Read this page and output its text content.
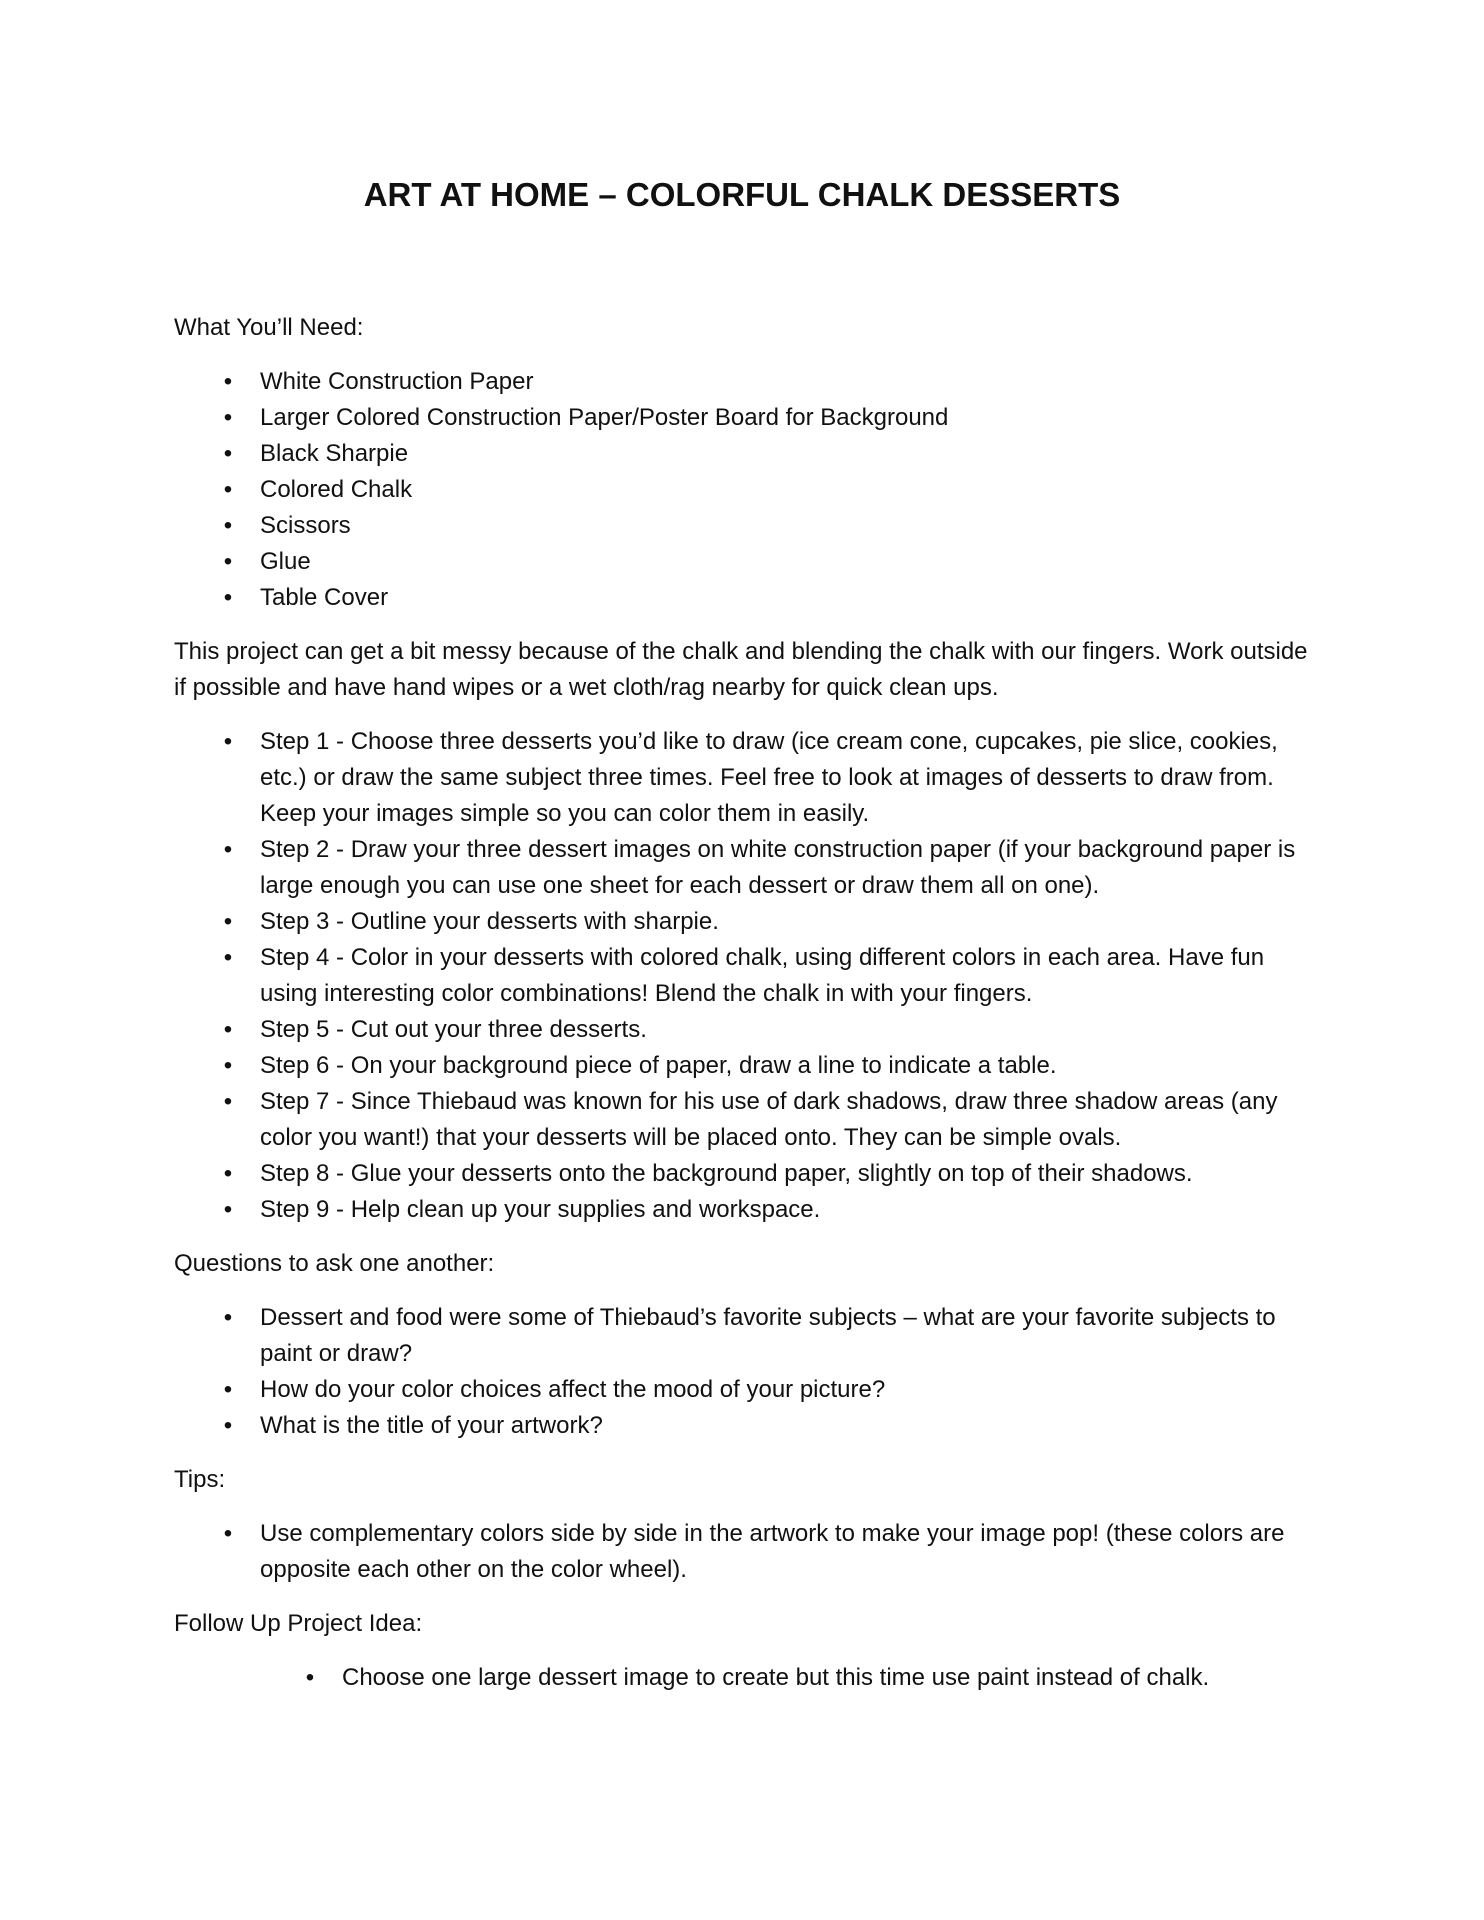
ART AT HOME – COLORFUL CHALK DESSERTS

What You’ll Need:

• White Construction Paper
• Larger Colored Construction Paper/Poster Board for Background
• Black Sharpie
• Colored Chalk
• Scissors
• Glue
• Table Cover

This project can get a bit messy because of the chalk and blending the chalk with our fingers. Work outside if possible and have hand wipes or a wet cloth/rag nearby for quick clean ups.

• Step 1 - Choose three desserts you’d like to draw (ice cream cone, cupcakes, pie slice, cookies, etc.) or draw the same subject three times. Feel free to look at images of desserts to draw from. Keep your images simple so you can color them in easily.
• Step 2 - Draw your three dessert images on white construction paper (if your background paper is large enough you can use one sheet for each dessert or draw them all on one).
• Step 3 - Outline your desserts with sharpie.
• Step 4 - Color in your desserts with colored chalk, using different colors in each area. Have fun using interesting color combinations! Blend the chalk in with your fingers.
• Step 5 - Cut out your three desserts.
• Step 6 - On your background piece of paper, draw a line to indicate a table.
• Step 7 - Since Thiebaud was known for his use of dark shadows, draw three shadow areas (any color you want!) that your desserts will be placed onto. They can be simple ovals.
• Step 8 - Glue your desserts onto the background paper, slightly on top of their shadows.
• Step 9 - Help clean up your supplies and workspace.

Questions to ask one another:

• Dessert and food were some of Thiebaud’s favorite subjects – what are your favorite subjects to paint or draw?
• How do your color choices affect the mood of your picture?
• What is the title of your artwork?

Tips:

• Use complementary colors side by side in the artwork to make your image pop! (these colors are opposite each other on the color wheel).

Follow Up Project Idea:

• Choose one large dessert image to create but this time use paint instead of chalk.
